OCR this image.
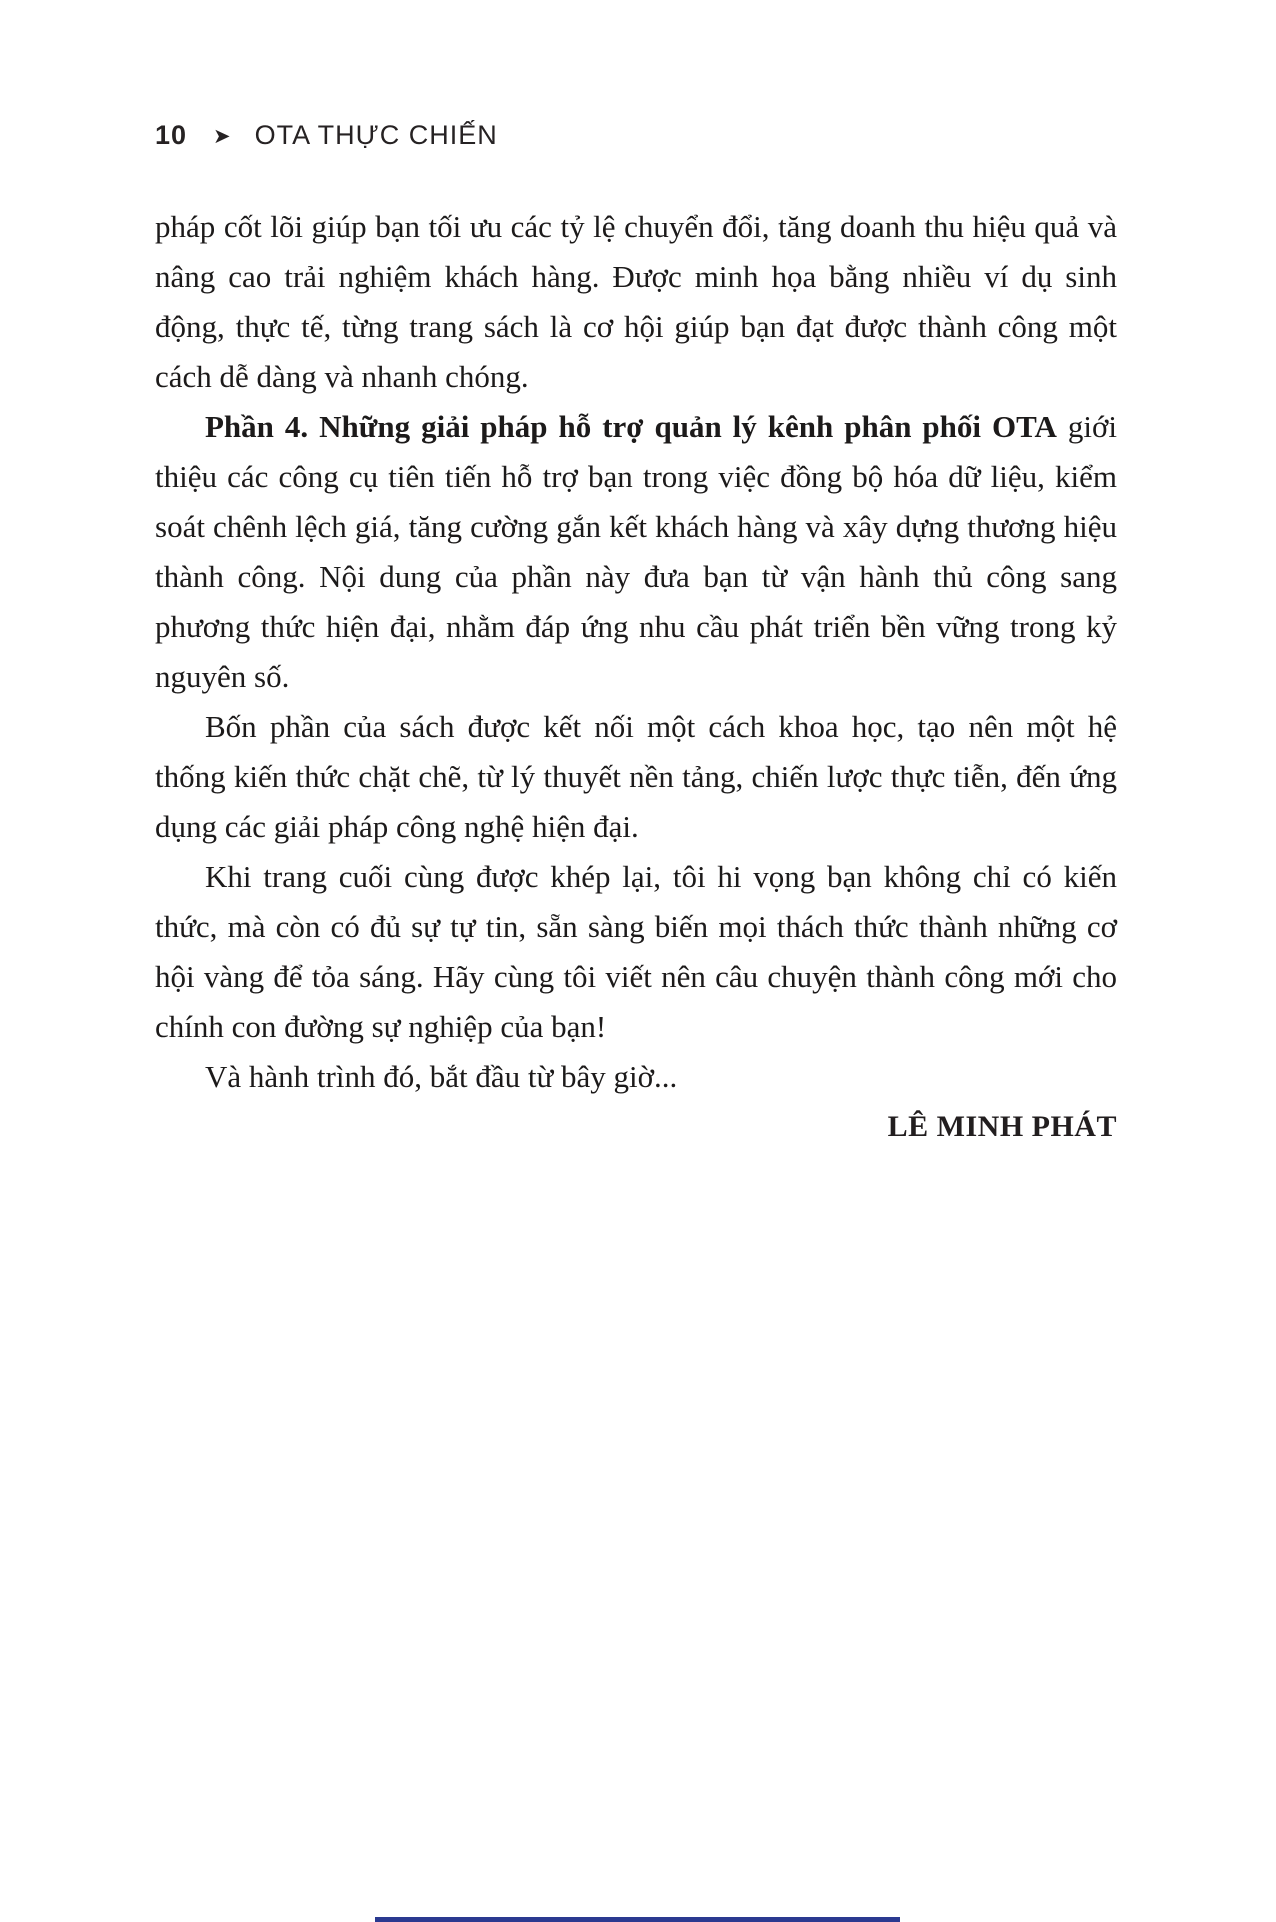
10 ➤ OTA THỰC CHIẾN

pháp cốt lõi giúp bạn tối ưu các tỷ lệ chuyển đổi, tăng doanh thu hiệu quả và nâng cao trải nghiệm khách hàng. Được minh họa bằng nhiều ví dụ sinh động, thực tế, từng trang sách là cơ hội giúp bạn đạt được thành công một cách dễ dàng và nhanh chóng.

Phần 4. Những giải pháp hỗ trợ quản lý kênh phân phối OTA giới thiệu các công cụ tiên tiến hỗ trợ bạn trong việc đồng bộ hóa dữ liệu, kiểm soát chênh lệch giá, tăng cường gắn kết khách hàng và xây dựng thương hiệu thành công. Nội dung của phần này đưa bạn từ vận hành thủ công sang phương thức hiện đại, nhằm đáp ứng nhu cầu phát triển bền vững trong kỷ nguyên số.

Bốn phần của sách được kết nối một cách khoa học, tạo nên một hệ thống kiến thức chặt chẽ, từ lý thuyết nền tảng, chiến lược thực tiễn, đến ứng dụng các giải pháp công nghệ hiện đại.

Khi trang cuối cùng được khép lại, tôi hi vọng bạn không chỉ có kiến thức, mà còn có đủ sự tự tin, sẵn sàng biến mọi thách thức thành những cơ hội vàng để tỏa sáng. Hãy cùng tôi viết nên câu chuyện thành công mới cho chính con đường sự nghiệp của bạn!

Và hành trình đó, bắt đầu từ bây giờ...

LÊ MINH PHÁT
